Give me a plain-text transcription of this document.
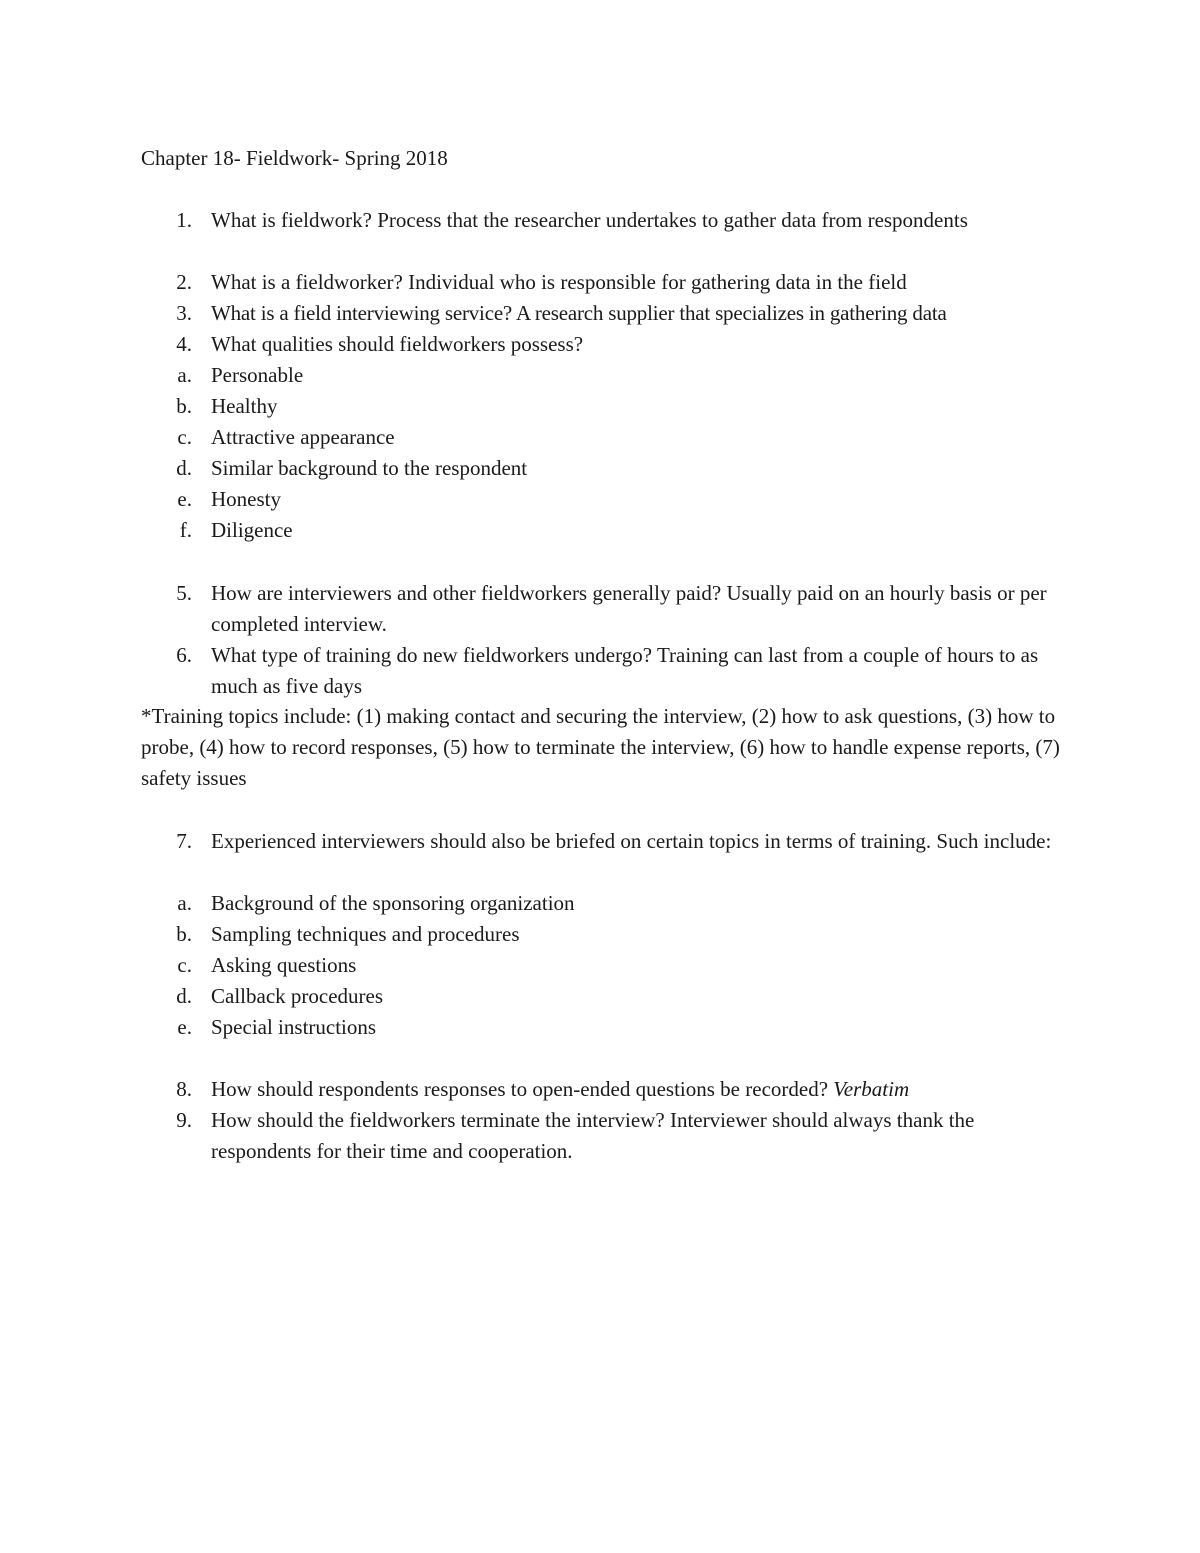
Chapter 18- Fieldwork- Spring 2018
1. What is fieldwork? Process that the researcher undertakes to gather data from respondents
2. What is a fieldworker? Individual who is responsible for gathering data in the field
3. What is a field interviewing service? A research supplier that specializes in gathering data
4. What qualities should fieldworkers possess?
a. Personable
b. Healthy
c. Attractive appearance
d. Similar background to the respondent
e. Honesty
f. Diligence
5. How are interviewers and other fieldworkers generally paid? Usually paid on an hourly basis or per completed interview.
6. What type of training do new fieldworkers undergo? Training can last from a couple of hours to as much as five days
*Training topics include: (1) making contact and securing the interview, (2) how to ask questions, (3) how to probe, (4) how to record responses, (5) how to terminate the interview, (6) how to handle expense reports, (7) safety issues
7. Experienced interviewers should also be briefed on certain topics in terms of training. Such include:
a. Background of the sponsoring organization
b. Sampling techniques and procedures
c. Asking questions
d. Callback procedures
e. Special instructions
8. How should respondents responses to open-ended questions be recorded? Verbatim
9. How should the fieldworkers terminate the interview? Interviewer should always thank the respondents for their time and cooperation.
